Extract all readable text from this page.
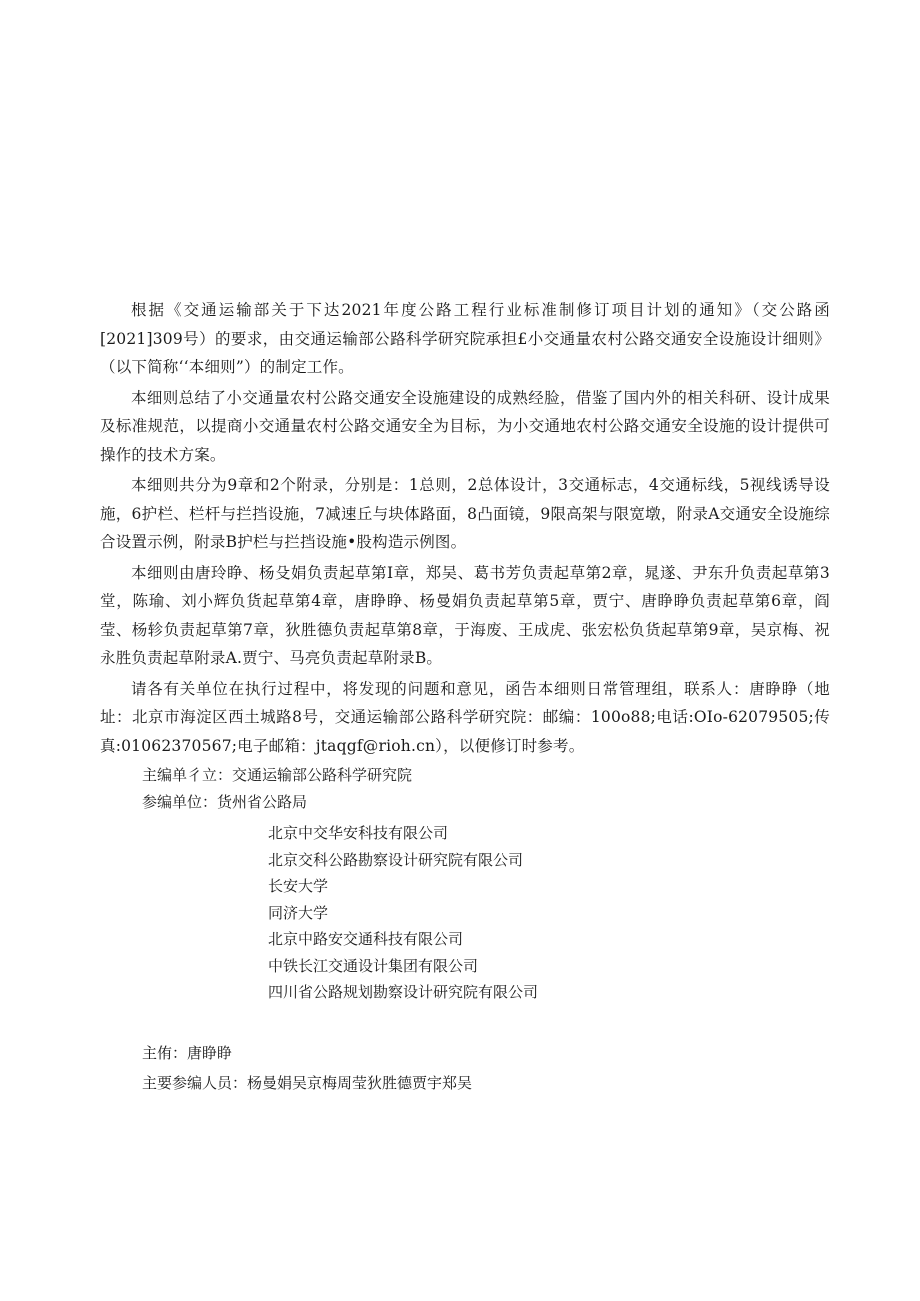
根据《交通运输部关于下达2021年度公路工程行业标准制修订项目计划的通知》（交公路函[2021]309号）的要求，由交通运输部公路科学研究院承担£小交通量农村公路交通安全设施设计细则》（以下简称‘‘本细则”）的制定工作。

本细则总结了小交通量农村公路交通安全设施建设的成熟经脸，借鉴了国内外的相关科研、设计成果及标准规范，以提商小交通量农村公路交通安全为目标，为小交通地农村公路交通安全设施的设计提供可操作的技术方案。

本细则共分为9章和2个附录，分别是：1总则，2总体设计，3交通标志，4交通标线，5视线诱导设施，6护栏、栏杆与拦挡设施，7减速丘与块体路面，8凸面镜，9限高架与限宽墩，附录A交通安全设施综合设置示例，附录B护栏与拦挡设施•股构造示例图。

本细则由唐玲睁、杨殳娟负责起草第I章，郑吴、葛书芳负责起草第2章，晁遂、尹东升负责起草第3堂，陈瑜、刘小辉负货起草第4章，唐睁睁、杨曼娟负责起草第5章，贾宁、唐睁睁负责起草第6章，阎莹、杨轸负责起草第7章，狄胜德负责起草第8章，于海废、王成虎、张宏松负货起草第9章，吴京梅、祝永胜负责起草附录A.贾宁、马亮负责起草附录B。

请各有关单位在执行过程中，将发现的问题和意见，函告本细则日常管理组，联系人：唐睁睁（地址：北京市海淀区西土城路8号，交通运输部公路科学研究院：邮编：100o88;电话:OIo-62079505;传真:01062370567;电子邮箱：jtaqgf@rioh.cn），以便修订时参考。

主编单彳立：交通运输部公路科学研究院
参编单位：货州省公路局
北京中交华安科技有限公司
北京交科公路勘察设计研究院有限公司
长安大学
同济大学
北京中路安交通科技有限公司
中铁长江交通设计集团有限公司
四川省公路规划勘察设计研究院有限公司
主侑：唐睁睁
主要参编人员：杨曼娟吴京梅周莹狄胜德贾宇郑吴
